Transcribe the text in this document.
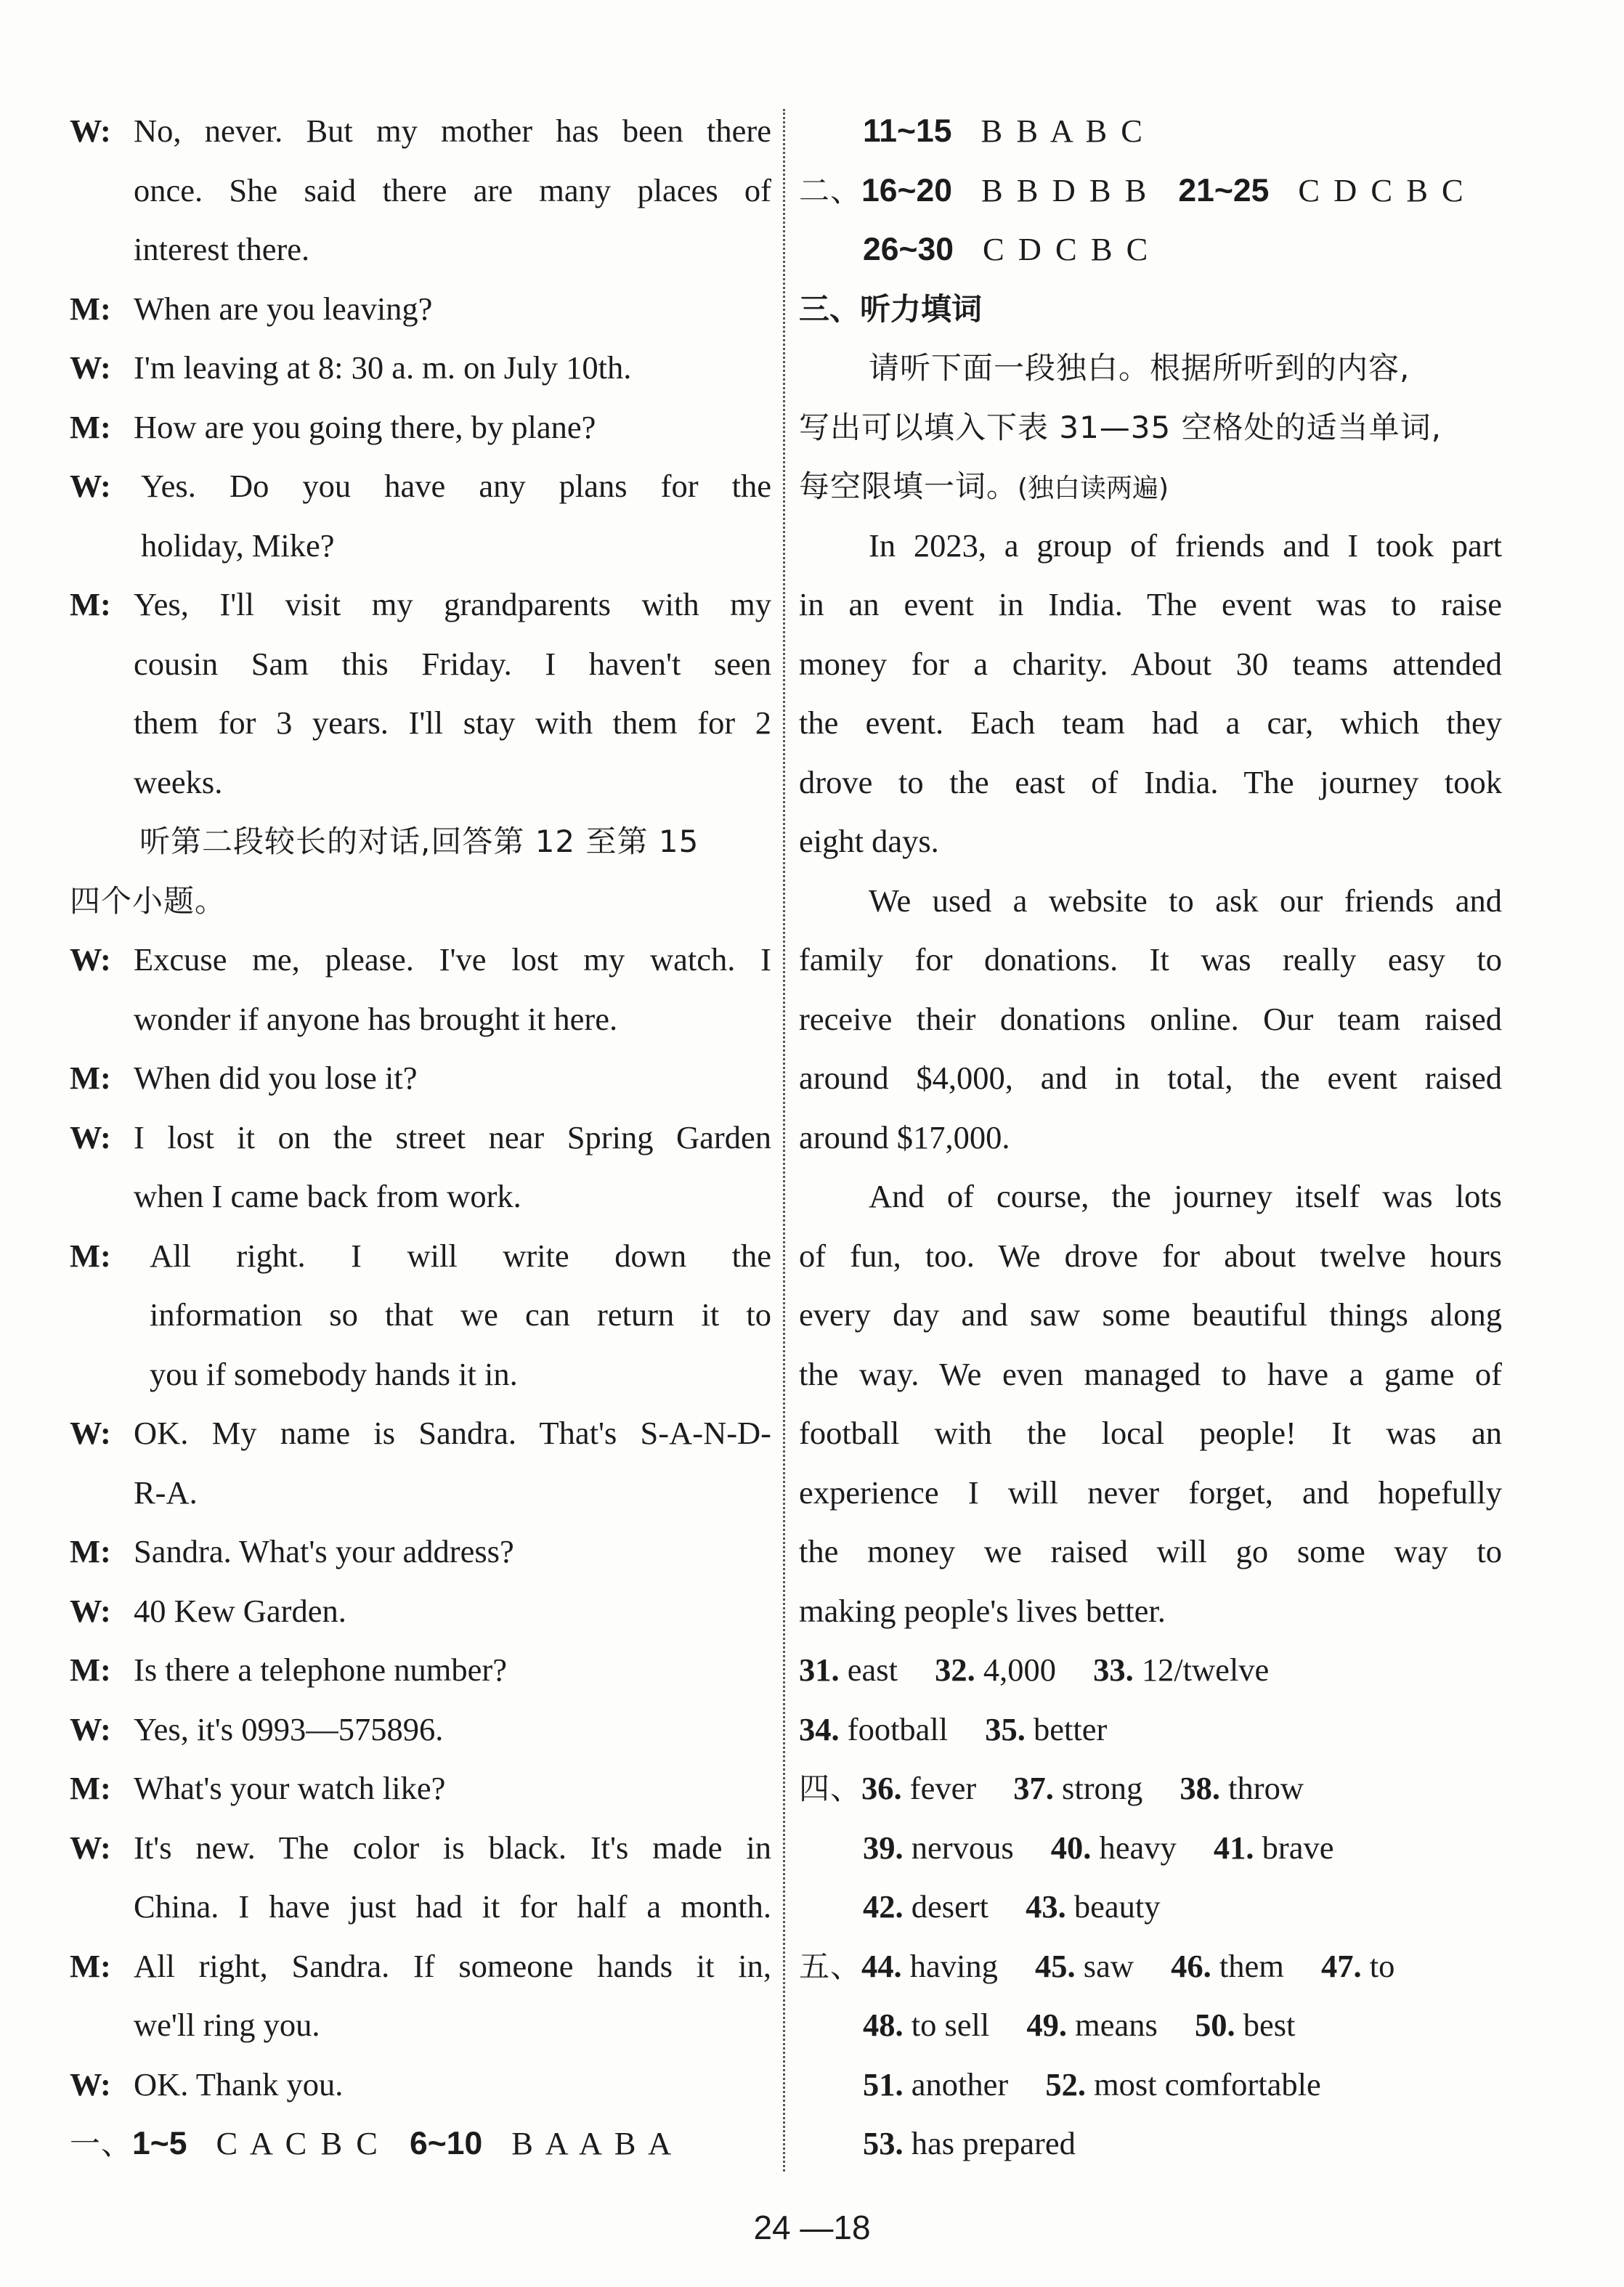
W: No, never. But my mother has been there
once. She said there are many places of
interest there.
M: When are you leaving?
W: I'm leaving at 8: 30 a. m. on July 10th.
M: How are you going there, by plane?
W: Yes. Do you have any plans for the
holiday, Mike?
M: Yes, I'll visit my grandparents with my
cousin Sam this Friday. I haven't seen
them for 3 years. I'll stay with them for 2
weeks.
听第二段较长的对话,回答第 12 至第 15
四个小题。
W: Excuse me, please. I've lost my watch. I
wonder if anyone has brought it here.
M: When did you lose it?
W: I lost it on the street near Spring Garden
when I came back from work.
M: All right. I will write down the
information so that we can return it to
you if somebody hands it in.
W: OK. My name is Sandra. That's S-A-N-D-
R-A.
M: Sandra. What's your address?
W: 40 Kew Garden.
M: Is there a telephone number?
W: Yes, it's 0993—575896.
M: What's your watch like?
W: It's new. The color is black. It's made in
China. I have just had it for half a month.
M: All right, Sandra. If someone hands it in,
we'll ring you.
W: OK. Thank you.
一、1~5 C A C B C 6~10 B A A B A
11~15 B B A B C
二、16~20 B B D B B 21~25 C D C B C
26~30 C D C B C
三、听力填词
请听下面一段独白。根据所听到的内容,
写出可以填入下表 31—35 空格处的适当单词,
每空限填一词。(独白读两遍)
In 2023, a group of friends and I took part
in an event in India. The event was to raise
money for a charity. About 30 teams attended
the event. Each team had a car, which they
drove to the east of India. The journey took
eight days.
We used a website to ask our friends and
family for donations. It was really easy to
receive their donations online. Our team raised
around $4,000, and in total, the event raised
around $17,000.
And of course, the journey itself was lots
of fun, too. We drove for about twelve hours
every day and saw some beautiful things along
the way. We even managed to have a game of
football with the local people! It was an
experience I will never forget, and hopefully
the money we raised will go some way to
making people's lives better.
31. east 32. 4,000 33. 12/twelve
34. football 35. better
四、36. fever 37. strong 38. throw
39. nervous 40. heavy 41. brave
42. desert 43. beauty
五、44. having 45. saw 46. them 47. to
48. to sell 49. means 50. best
51. another 52. most comfortable
53. has prepared
24 —18
